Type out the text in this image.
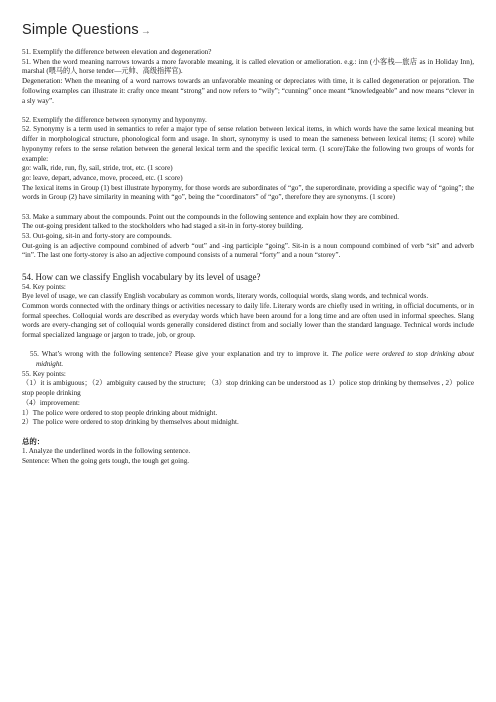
Simple Questions →

51. Exemplify the difference between elevation and degeneration?

51. When the word meaning narrows towards a more favorable meaning, it is called elevation or amelioration. e.g.: inn (小客栈—旅店 as in Holiday Inn), marshal (喂马的人 horse tender—元帅、高级指挥官).

Degeneration: When the meaning of a word narrows towards an unfavorable meaning or depreciates with time, it is called degeneration or pejoration. The following examples can illustrate it: crafty once meant “strong” and now refers to “wily”; “cunning” once meant “knowledgeable” and now means “clever in a sly way”.

52. Exemplify the difference between synonymy and hyponymy.

52. Synonymy is a term used in semantics to refer a major type of sense relation between lexical items, in which words have the same lexical meaning but differ in morphological structure, phonological form and usage. In short, synonymy is used to mean the sameness between lexical items; (1 score) while hyponymy refers to the sense relation between the general lexical term and the specific lexical term. (1 score)Take the following two groups of words for example:

go: walk, ride, run, fly, sail, stride, trot, etc. (1 score)

go: leave, depart, advance, move, proceed, etc. (1 score)

The lexical items in Group (1) best illustrate hyponymy, for those words are subordinates of “go”, the superordinate, providing a specific way of “going”; the words in Group (2) have similarity in meaning with “go”, being the “coordinators” of “go”, therefore they are synonyms. (1 score)

53. Make a summary about the compounds. Point out the compounds in the following sentence and explain how they are combined.

The out-going president talked to the stockholders who had staged a sit-in in forty-storey building.

53. Out-going, sit-in and forty-story are compounds.

Out-going is an adjective compound combined of adverb “out” and -ing participle “going”. Sit-in is a noun compound combined of verb “sit” and adverb “in”. The last one forty-storey is also an adjective compound consists of a numeral “forty” and a noun “storey”.

54. How can we classify English vocabulary by its level of usage?

54. Key points:

Bye level of usage, we can classify English vocabulary as common words, literary words, colloquial words, slang words, and technical words.

Common words connected with the ordinary things or activities necessary to daily life. Literary words are chiefly used in writing, in official documents, or in formal speeches. Colloquial words are described as everyday words which have been around for a long time and are often used in informal speeches. Slang words are every-changing set of colloquial words generally considered distinct from and socially lower than the standard language. Technical words include formal specialized language or jargon to trade, job, or group.

55. What’s wrong with the following sentence? Please give your explanation and try to improve it. The police were ordered to stop drinking about midnight.

55. Key points:

（1）it is ambiguous；（2）ambiguity caused by the structure; （3）stop drinking can be understood as 1）police stop drinking by themselves , 2）police stop people drinking

（4）improvement:

1）The police were ordered to stop people drinking about midnight.

2）The police were ordered to stop drinking by themselves about midnight.

总的：

1. Analyze the underlined words in the following sentence.

Sentence: When the going gets tough, the tough get going.
